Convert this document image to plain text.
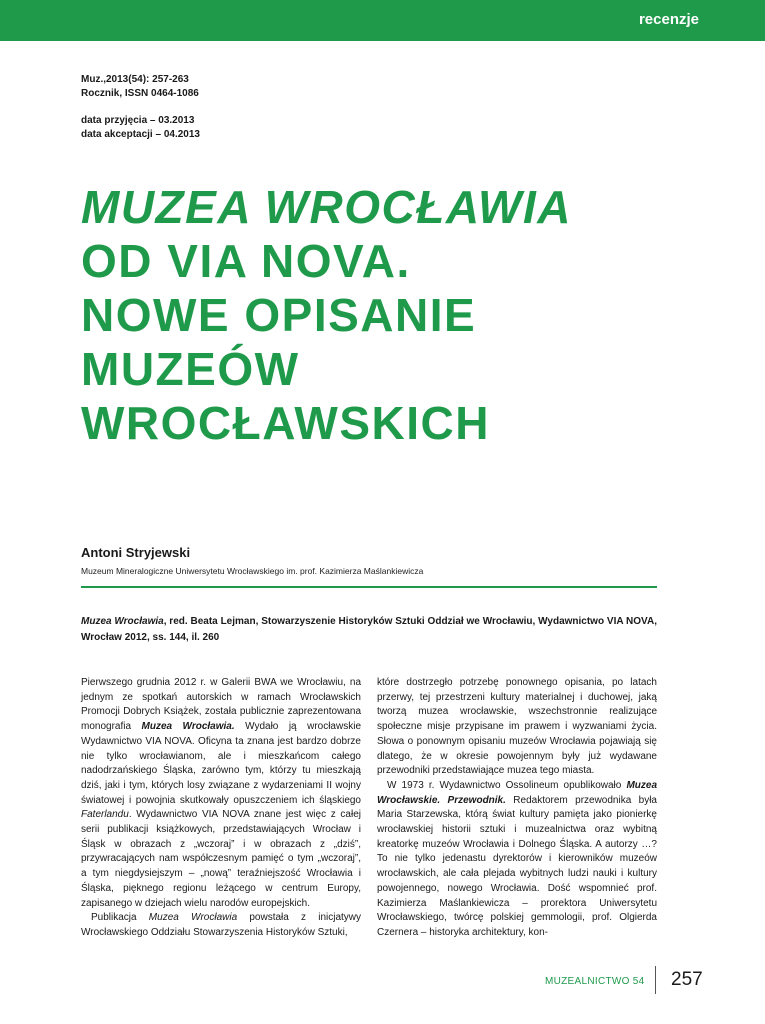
recenzje
Muz.,2013(54): 257-263
Rocznik, ISSN 0464-1086
data przyjęcia – 03.2013
data akceptacji – 04.2013
MUZEA WROCŁAWIA
OD VIA NOVA.
NOWE OPISANIE
MUZEÓW
WROCŁAWSKICH
Antoni Stryjewski
Muzeum Mineralogiczne Uniwersytetu Wrocławskiego im. prof. Kazimierza Maślankiewicza
Muzea Wrocławia, red. Beata Lejman, Stowarzyszenie Historyków Sztuki Oddział we Wrocławiu, Wydawnictwo VIA NOVA, Wrocław 2012, ss. 144, il. 260

Pierwszego grudnia 2012 r. w Galerii BWA we Wrocławiu, na jednym ze spotkań autorskich w ramach Wrocławskich Promocji Dobrych Książek, została publicznie zaprezentowana monografia Muzea Wrocławia. Wydało ją wrocławskie Wydawnictwo VIA NOVA. Oficyna ta znana jest bardzo dobrze nie tylko wrocławianom, ale i mieszkańcom całego nadodrzańskiego Śląska, zarówno tym, którzy tu mieszkają dziś, jaki i tym, których losy związane z wydarzeniami II wojny światowej i powojnia skutkowały opuszczeniem ich śląskiego Faterlandu. Wydawnictwo VIA NOVA znane jest więc z całej serii publikacji książkowych, przedstawiających Wrocław i Śląsk w obrazach z „wczoraj” i w obrazach z „dziś”, przywracających nam współczesnym pamięć o tym „wczoraj”, a tym niegdysiejszym – „nową” teraźniejszość Wrocławia i Śląska, pięknego regionu leżącego w centrum Europy, zapisanego w dziejach wielu narodów europejskich.

Publikacja Muzea Wrocławia powstała z inicjatywy Wrocławskiego Oddziału Stowarzyszenia Historyków Sztuki,

które dostrzegło potrzebę ponownego opisania, po latach przerwy, tej przestrzeni kultury materialnej i duchowej, jaką tworzą muzea wrocławskie, wszechstronnie realizujące społeczne misje przypisane im prawem i wyzwaniami życia. Słowa o ponownym opisaniu muzeów Wrocławia pojawiają się dlatego, że w okresie powojennym były już wydawane przewodniki przedstawiające muzea tego miasta.

W 1973 r. Wydawnictwo Ossolineum opublikowało Muzea Wrocławskie. Przewodnik. Redaktorem przewodnika była Maria Starzewska, którą świat kultury pamięta jako pionierkę wrocławskiej historii sztuki i muzealnictwa oraz wybitną kreatorkę muzeów Wrocławia i Dolnego Śląska. A autorzy …? To nie tylko jedenastu dyrektorów i kierowników muzeów wrocławskich, ale cała plejada wybitnych ludzi nauki i kultury powojennego, nowego Wrocławia. Dość wspomnieć prof. Kazimierza Maślankiewicza – prorektora Uniwersytetu Wrocławskiego, twórcę polskiej gemmologii, prof. Olgierda Czernera – historyka architektury, kon-

MUZEALNICTWO 54 257
